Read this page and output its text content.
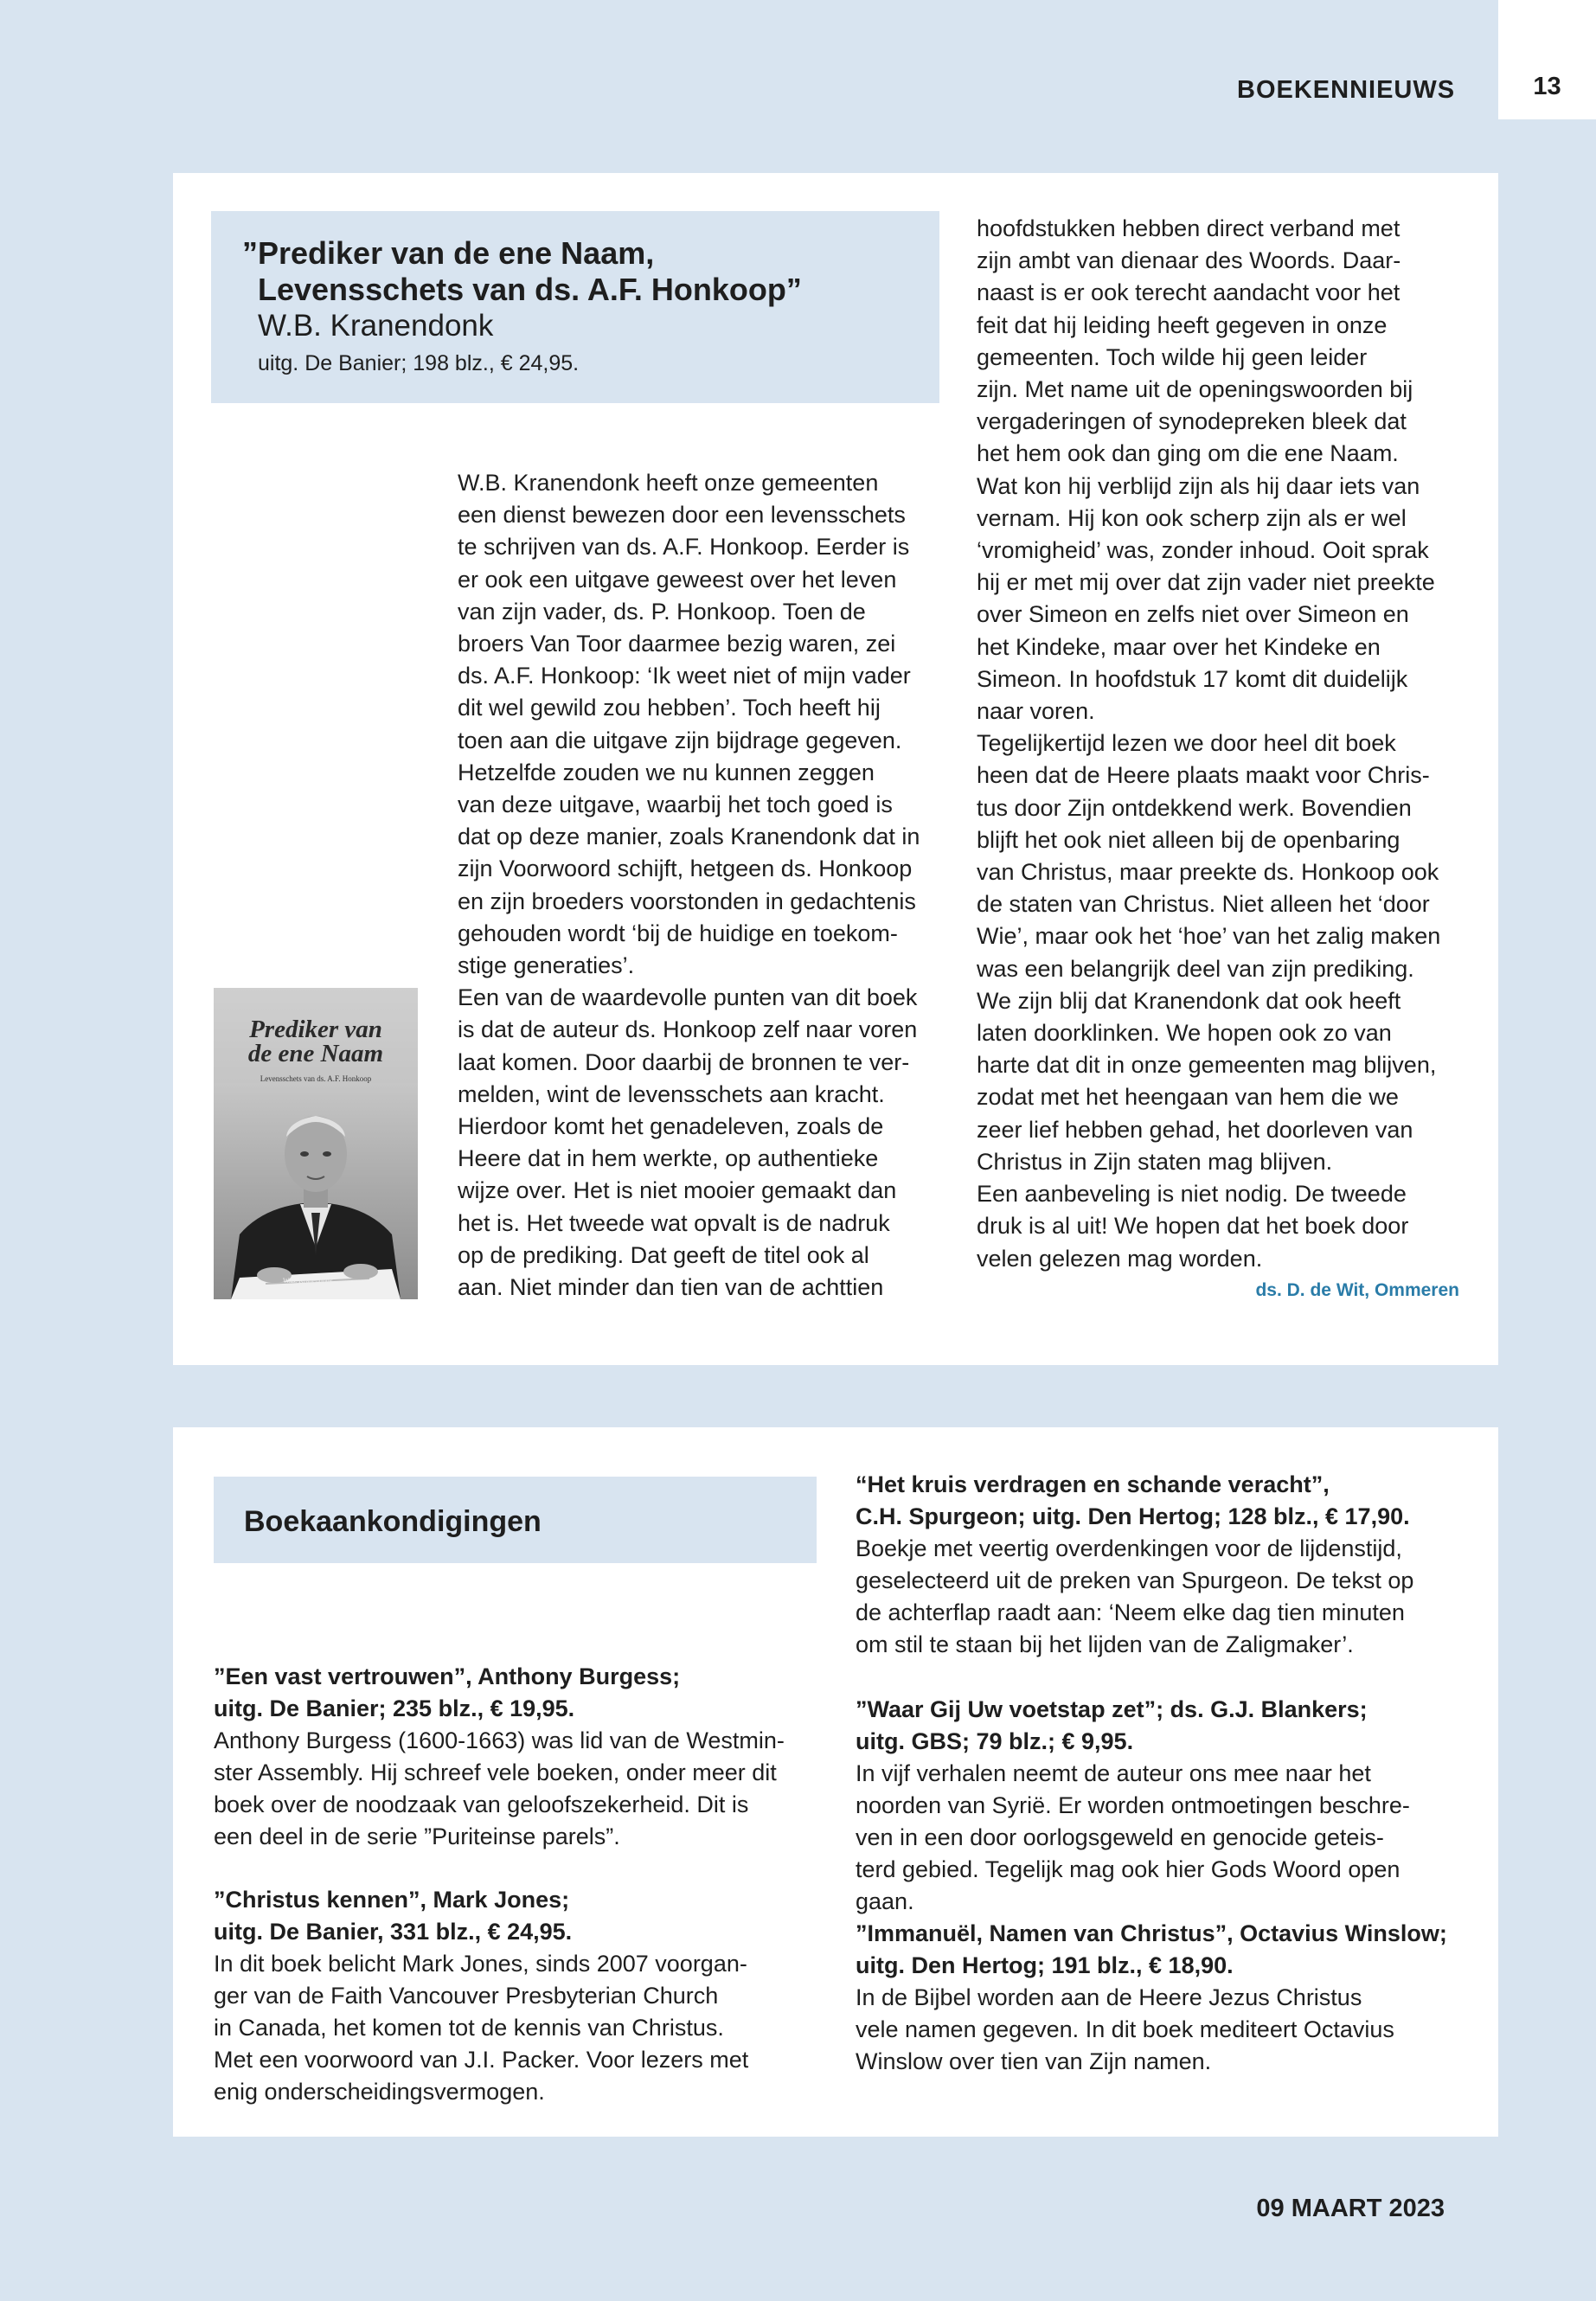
BOEKENNIEUWS	13
”Prediker van de ene Naam,
Levensschets van ds. A.F. Honkoop”
W.B. Kranendonk
uitg. De Banier; 198 blz., € 24,95.
Prediker van
de ene Naam
Levensschets van ds. A.F. Honkoop
W.B. Kranendonk

W.B. Kranendonk heeft onze gemeenten

een dienst bewezen door een levensschets

te schrijven van ds. A.F. Honkoop. Eerder is

er ook een uitgave geweest over het leven

van zijn vader, ds. P. Honkoop. Toen de

broers Van Toor daarmee bezig waren, zei

ds. A.F. Honkoop: ‘Ik weet niet of mijn vader

dit wel gewild zou hebben’. Toch heeft hij

toen aan die uitgave zijn bijdrage gegeven.

Hetzelfde zouden we nu kunnen zeggen

van deze uitgave, waarbij het toch goed is

dat op deze manier, zoals Kranendonk dat in

zijn Voorwoord schijft, hetgeen ds. Honkoop

en zijn broeders voorstonden in gedachtenis

gehouden wordt ‘bij de huidige en toekom-

stige generaties’.

Een van de waardevolle punten van dit boek

is dat de auteur ds. Honkoop zelf naar voren

laat komen. Door daarbij de bronnen te ver-

melden, wint de levensschets aan kracht.

Hierdoor komt het genadeleven, zoals de

Heere dat in hem werkte, op authentieke

wijze over. Het is niet mooier gemaakt dan

het is. Het tweede wat opvalt is de nadruk

op de prediking. Dat geeft de titel ook al

aan. Niet minder dan tien van de achttien

hoofdstukken hebben direct verband met

zijn ambt van dienaar des Woords. Daar-

naast is er ook terecht aandacht voor het

feit dat hij leiding heeft gegeven in onze

gemeenten. Toch wilde hij geen leider

zijn. Met name uit de openingswoorden bij

vergaderingen of synodepreken bleek dat

het hem ook dan ging om die ene Naam.

Wat kon hij verblijd zijn als hij daar iets van

vernam. Hij kon ook scherp zijn als er wel

‘vromigheid’ was, zonder inhoud. Ooit sprak

hij er met mij over dat zijn vader niet preekte

over Simeon en zelfs niet over Simeon en

het Kindeke, maar over het Kindeke en

Simeon. In hoofdstuk 17 komt dit duidelijk

naar voren.

Tegelijkertijd lezen we door heel dit boek

heen dat de Heere plaats maakt voor Chris-

tus door Zijn ontdekkend werk. Bovendien

blijft het ook niet alleen bij de openbaring

van Christus, maar preekte ds. Honkoop ook

de staten van Christus. Niet alleen het ‘door

Wie’, maar ook het ‘hoe’ van het zalig maken

was een belangrijk deel van zijn prediking.

We zijn blij dat Kranendonk dat ook heeft

laten doorklinken. We hopen ook zo van

harte dat dit in onze gemeenten mag blijven,

zodat met het heengaan van hem die we

zeer lief hebben gehad, het doorleven van

Christus in Zijn staten mag blijven.

Een aanbeveling is niet nodig. De tweede

druk is al uit! We hopen dat het boek door

velen gelezen mag worden.

ds. D. de Wit, Ommeren
Boekaankondigingen

”Een vast vertrouwen”, Anthony Burgess;

uitg. De Banier; 235 blz., € 19,95.

Anthony Burgess (1600-1663) was lid van de Westmin-

ster Assembly. Hij schreef vele boeken, onder meer dit

boek over de noodzaak van geloofszekerheid. Dit is

een deel in de serie ”Puriteinse parels”.

”Christus kennen”, Mark Jones;

uitg. De Banier, 331 blz., € 24,95.

In dit boek belicht Mark Jones, sinds 2007 voorgan-

ger van de Faith Vancouver Presbyterian Church

in Canada, het komen tot de kennis van Christus.

Met een voorwoord van J.I. Packer. Voor lezers met

enig onderscheidingsvermogen.

“Het kruis verdragen en schande veracht”,

C.H. Spurgeon; uitg. Den Hertog; 128 blz., € 17,90.

Boekje met veertig overdenkingen voor de lijdenstijd,

geselecteerd uit de preken van Spurgeon. De tekst op

de achterflap raadt aan: ‘Neem elke dag tien minuten

om stil te staan bij het lijden van de Zaligmaker’.

”Waar Gij Uw voetstap zet”; ds. G.J. Blankers;

uitg. GBS; 79 blz.; € 9,95.

In vijf verhalen neemt de auteur ons mee naar het

noorden van Syrië. Er worden ontmoetingen beschre-

ven in een door oorlogsgeweld en genocide geteis-

terd gebied. Tegelijk mag ook hier Gods Woord open

gaan.

”Immanuël, Namen van Christus”, Octavius Winslow;

uitg. Den Hertog; 191 blz., € 18,90.

In de Bijbel worden aan de Heere Jezus Christus

vele namen gegeven. In dit boek mediteert Octavius

Winslow over tien van Zijn namen.

09 MAART 2023
